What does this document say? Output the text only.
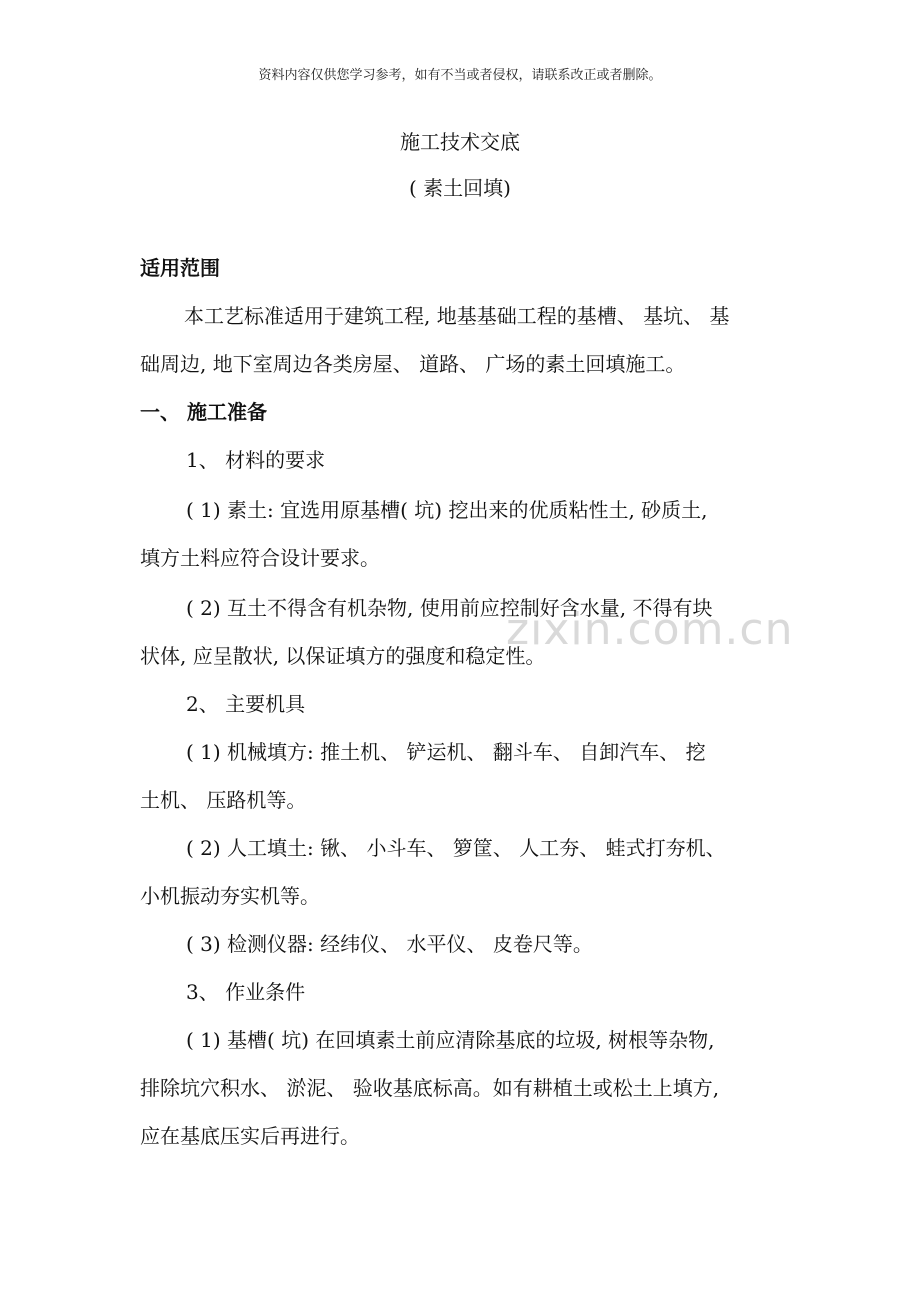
资料内容仅供您学习参考，如有不当或者侵权，请联系改正或者删除。
施工技术交底
( 素土回填)
zixin.com.cn
适用范围
本工艺标准适用于建筑工程, 地基基础工程的基槽、 基坑、 基
础周边, 地下室周边各类房屋、 道路、 广场的素土回填施工。
一、 施工准备
1、 材料的要求
( 1) 素土: 宜选用原基槽( 坑) 挖出来的优质粘性土, 砂质土,
填方土料应符合设计要求。
( 2) 互土不得含有机杂物, 使用前应控制好含水量, 不得有块
状体, 应呈散状, 以保证填方的强度和稳定性。
2、 主要机具
( 1) 机械填方: 推土机、 铲运机、 翻斗车、 自卸汽车、 挖
土机、 压路机等。
( 2) 人工填土: 锹、 小斗车、 箩筐、 人工夯、 蛙式打夯机、
小机振动夯实机等。
( 3) 检测仪器: 经纬仪、 水平仪、 皮卷尺等。
3、 作业条件
( 1) 基槽( 坑) 在回填素土前应清除基底的垃圾, 树根等杂物,
排除坑穴积水、 淤泥、 验收基底标高。如有耕植土或松土上填方,
应在基底压实后再进行。
